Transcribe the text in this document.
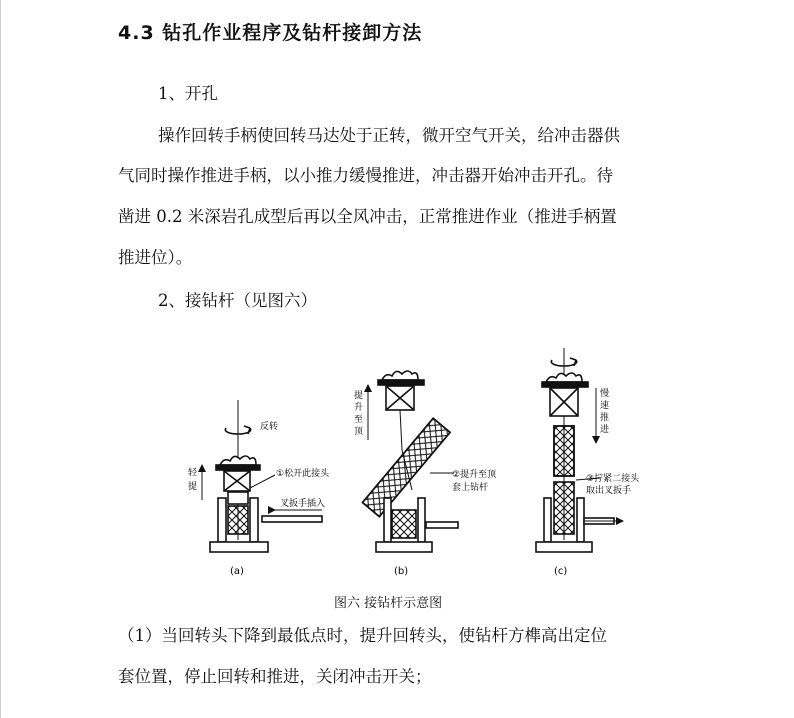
4.3 钻孔作业程序及钻杆接卸方法
1、开孔
操作回转手柄使回转马达处于正转，微开空气开关，给冲击器供
气同时操作推进手柄，以小推力缓慢推进，冲击器开始冲击开孔。待
凿进 0.2 米深岩孔成型后再以全风冲击，正常推进作业（推进手柄置
推进位）。
2、接钻杆（见图六）
反转
轻
提
①松开此接头
叉扳手插入
(a)
提
升
至
顶
②提升至顶
套上钻杆
(b)
慢
速
推
进
③拧紧二接头
取出叉扳手
(c)
图六 接钻杆示意图
（1）当回转头下降到最低点时，提升回转头，使钻杆方榫高出定位
套位置，停止回转和推进，关闭冲击开关；
